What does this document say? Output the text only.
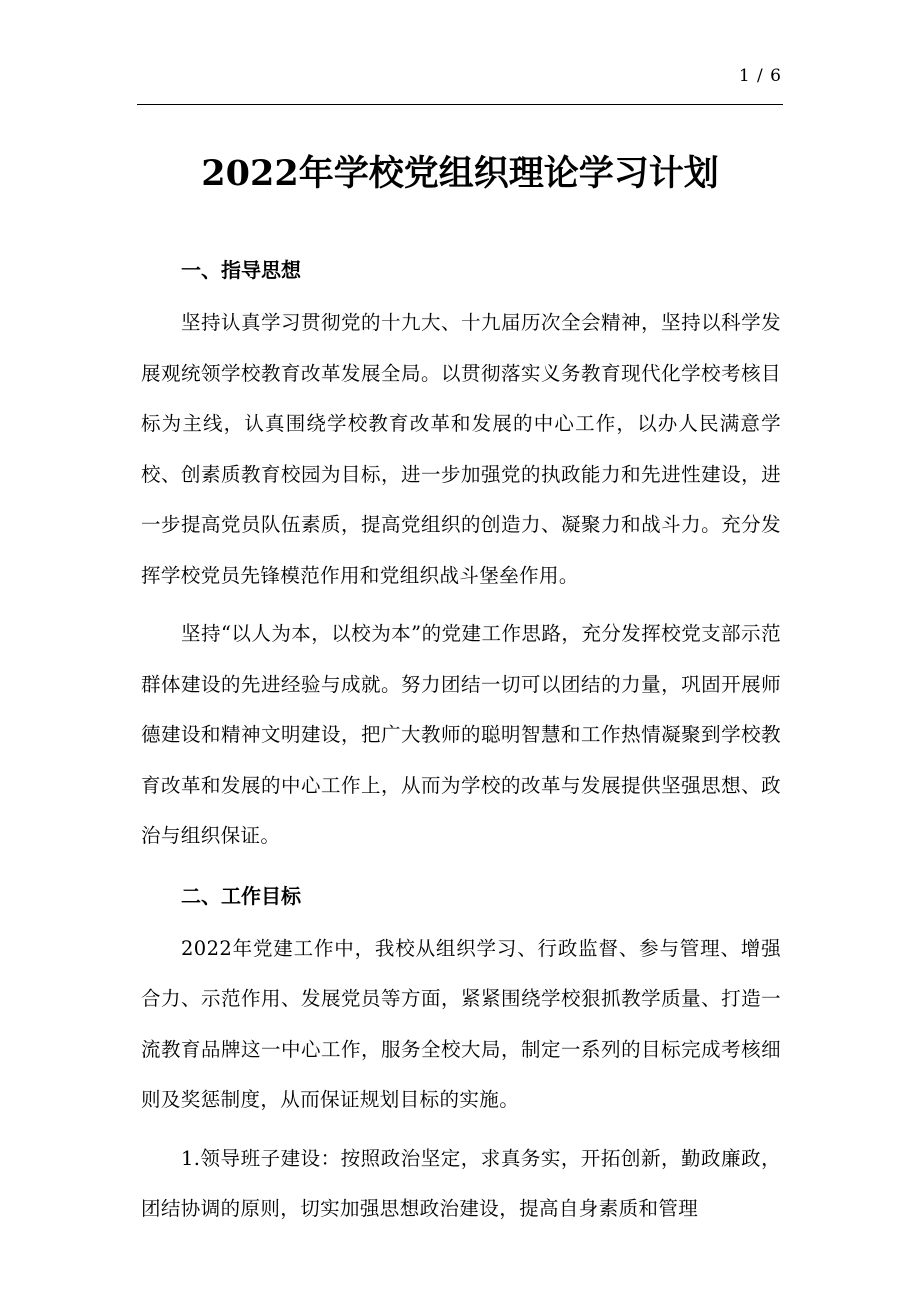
1 / 6
2022年学校党组织理论学习计划
一、指导思想

坚持认真学习贯彻党的十九大、十九届历次全会精神，坚持以科学发展观统领学校教育改革发展全局。以贯彻落实义务教育现代化学校考核目标为主线，认真围绕学校教育改革和发展的中心工作，以办人民满意学校、创素质教育校园为目标，进一步加强党的执政能力和先进性建设，进一步提高党员队伍素质，提高党组织的创造力、凝聚力和战斗力。充分发挥学校党员先锋模范作用和党组织战斗堡垒作用。

坚持“以人为本，以校为本”的党建工作思路，充分发挥校党支部示范群体建设的先进经验与成就。努力团结一切可以团结的力量，巩固开展师德建设和精神文明建设，把广大教师的聪明智慧和工作热情凝聚到学校教育改革和发展的中心工作上，从而为学校的改革与发展提供坚强思想、政治与组织保证。

二、工作目标

2022年党建工作中，我校从组织学习、行政监督、参与管理、增强合力、示范作用、发展党员等方面，紧紧围绕学校狠抓教学质量、打造一流教育品牌这一中心工作，服务全校大局，制定一系列的目标完成考核细则及奖惩制度，从而保证规划目标的实施。

1.领导班子建设：按照政治坚定，求真务实，开拓创新，勤政廉政，团结协调的原则，切实加强思想政治建设，提高自身素质和管理
